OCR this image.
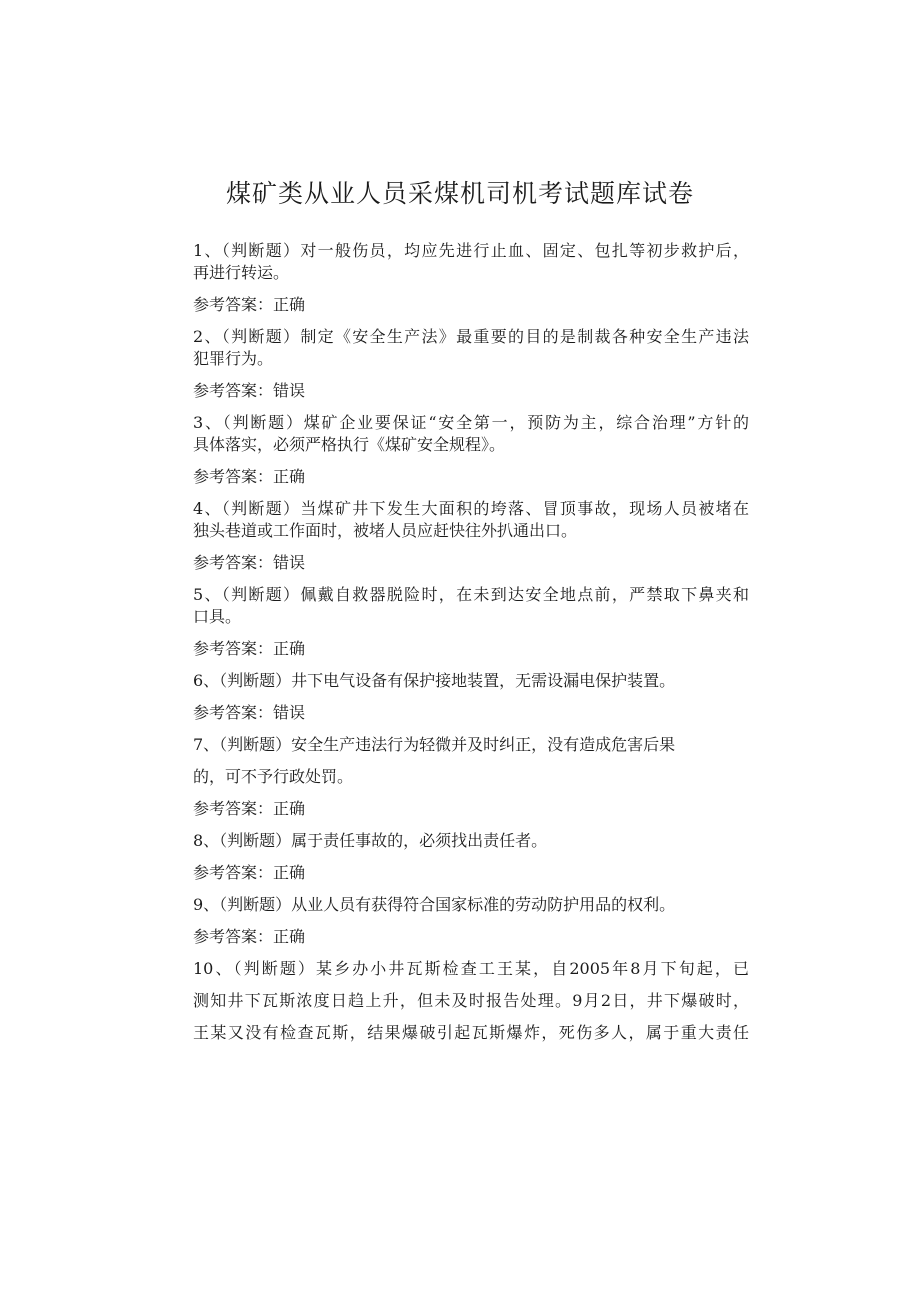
煤矿类从业人员采煤机司机考试题库试卷

1、（判断题）对一般伤员，均应先进行止血、固定、包扎等初步救护后，

再进行转运。

参考答案：正确

2、（判断题）制定《安全生产法》最重要的目的是制裁各种安全生产违法

犯罪行为。

参考答案：错误

3、（判断题）煤矿企业要保证“安全第一，预防为主，综合治理”方针的

具体落实，必须严格执行《煤矿安全规程》。

参考答案：正确

4、（判断题）当煤矿井下发生大面积的垮落、冒顶事故，现场人员被堵在

独头巷道或工作面时，被堵人员应赶快往外扒通出口。

参考答案：错误

5、（判断题）佩戴自救器脱险时，在未到达安全地点前，严禁取下鼻夹和

口具。

参考答案：正确

6、（判断题）井下电气设备有保护接地装置，无需设漏电保护装置。

参考答案：错误

7、（判断题）安全生产违法行为轻微并及时纠正，没有造成危害后果

的，可不予行政处罚。

参考答案：正确

8、（判断题）属于责任事故的，必须找出责任者。

参考答案：正确

9、（判断题）从业人员有获得符合国家标准的劳动防护用品的权利。

参考答案：正确

10、（判断题）某乡办小井瓦斯检查工王某，自2005年8月下旬起，已

测知井下瓦斯浓度日趋上升，但未及时报告处理。9月2日，井下爆破时，

王某又没有检查瓦斯，结果爆破引起瓦斯爆炸，死伤多人，属于重大责任
